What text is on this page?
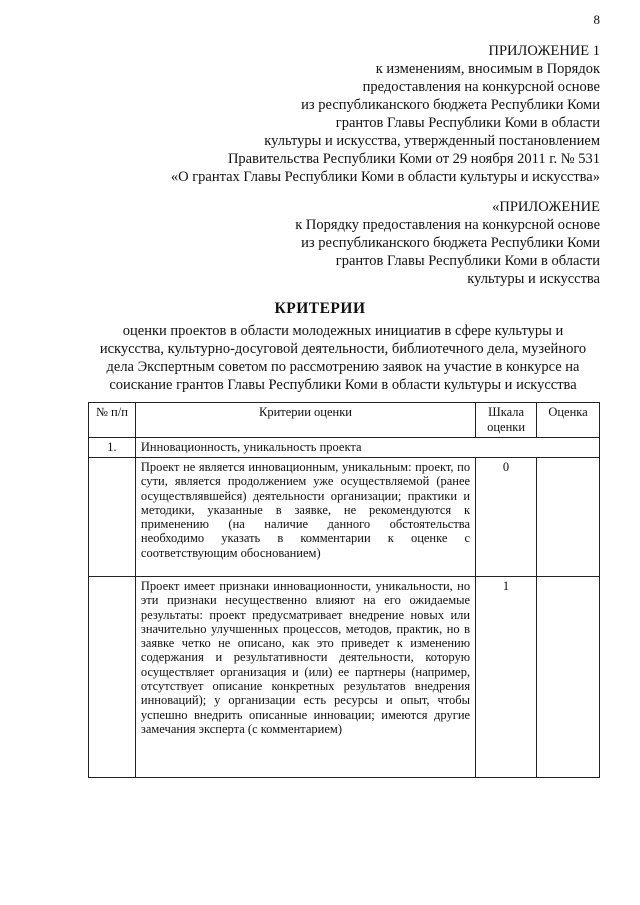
8
ПРИЛОЖЕНИЕ 1
к изменениям, вносимым в Порядок
предоставления на конкурсной основе
из республиканского бюджета Республики Коми
грантов Главы Республики Коми в области
культуры и искусства, утвержденный постановлением
Правительства Республики Коми от 29 ноября 2011 г. № 531
«О грантах Главы Республики Коми в области культуры и искусства»
«ПРИЛОЖЕНИЕ
к Порядку предоставления на конкурсной основе
из республиканского бюджета Республики Коми
грантов Главы Республики Коми в области
культуры и искусства
КРИТЕРИИ
оценки проектов в области молодежных инициатив в сфере культуры и
искусства, культурно-досуговой деятельности, библиотечного дела, музейного
дела Экспертным советом по рассмотрению заявок на участие в конкурсе на
соискание грантов Главы Республики Коми в области культуры и искусства
№ п/п	Критерии оценки	Шкала оценки	Оценка
1.	Инновационность, уникальность проекта		
	Проект не является инновационным, уникальным: проект, по сути, является продолжением уже осуществляемой (ранее осуществлявшейся) деятельности организации; практики и методики, указанные в заявке, не рекомендуются к применению (на наличие данного обстоятельства необходимо указать в комментарии к оценке с соответствующим обоснованием)	0	
	Проект имеет признаки инновационности, уникальности, но эти признаки несущественно влияют на его ожидаемые результаты: проект предусматривает внедрение новых или значительно улучшенных процессов, методов, практик, но в заявке четко не описано, как это приведет к изменению содержания и результативности деятельности, которую осуществляет организация и (или) ее партнеры (например, отсутствует описание конкретных результатов внедрения инноваций); у организации есть ресурсы и опыт, чтобы успешно внедрить описанные инновации; имеются другие замечания эксперта (с комментарием)	1	
